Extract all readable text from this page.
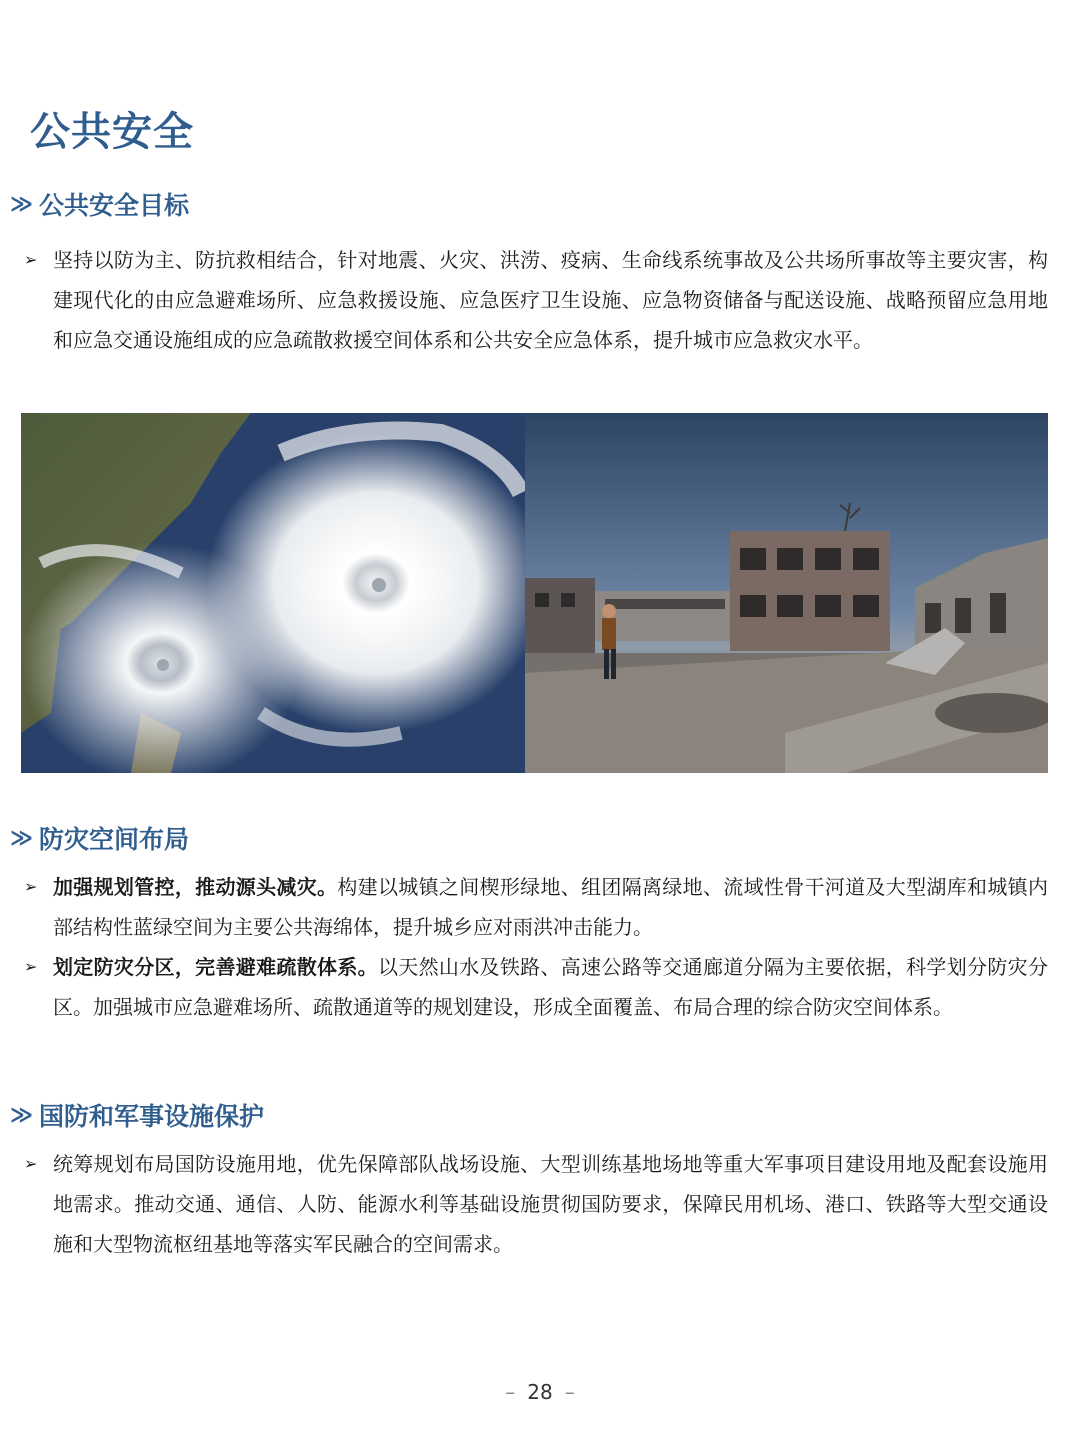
公共安全
≫ 公共安全目标
➢ 坚持以防为主、防抗救相结合，针对地震、火灾、洪涝、疫病、生命线系统事故及公共场所事故等主要灾害，构建现代化的由应急避难场所、应急救援设施、应急医疗卫生设施、应急物资储备与配送设施、战略预留应急用地和应急交通设施组成的应急疏散救援空间体系和公共安全应急体系，提升城市应急救灾水平。
≫ 防灾空间布局
➢ 加强规划管控，推动源头减灾。构建以城镇之间楔形绿地、组团隔离绿地、流域性骨干河道及大型湖库和城镇内部结构性蓝绿空间为主要公共海绵体，提升城乡应对雨洪冲击能力。
➢ 划定防灾分区，完善避难疏散体系。以天然山水及铁路、高速公路等交通廊道分隔为主要依据，科学划分防灾分区。加强城市应急避难场所、疏散通道等的规划建设，形成全面覆盖、布局合理的综合防灾空间体系。
≫ 国防和军事设施保护
➢ 统筹规划布局国防设施用地，优先保障部队战场设施、大型训练基地场地等重大军事项目建设用地及配套设施用地需求。推动交通、通信、人防、能源水利等基础设施贯彻国防要求，保障民用机场、港口、铁路等大型交通设施和大型物流枢纽基地等落实军民融合的空间需求。
– 28 –
